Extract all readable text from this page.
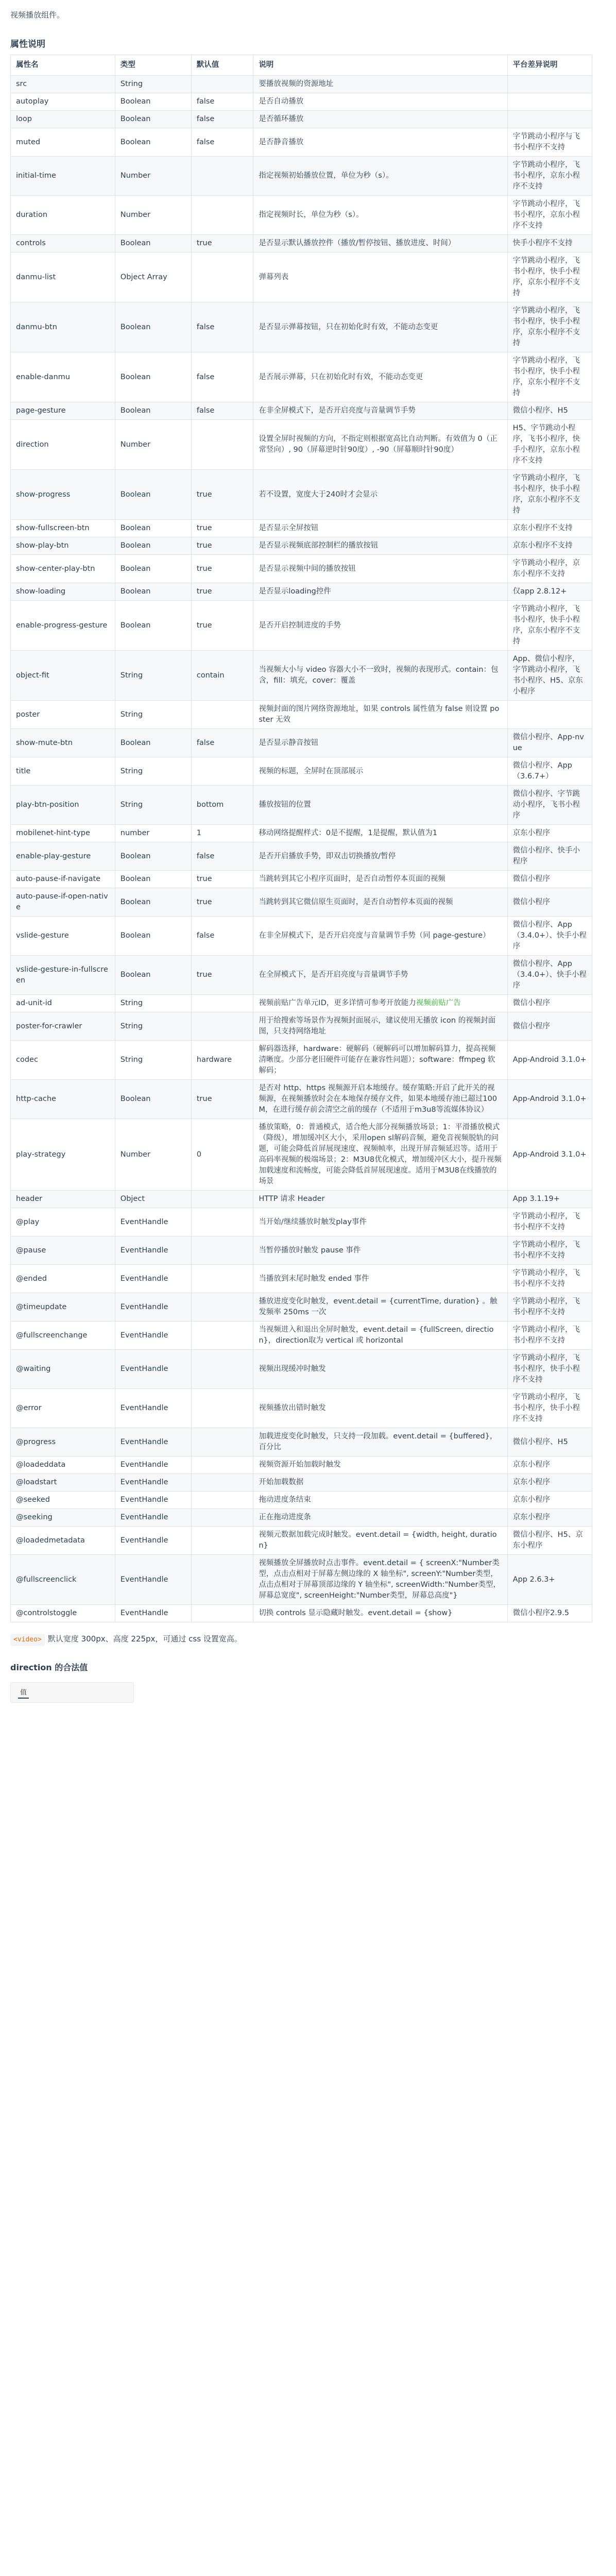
视频播放组件。

属性说明
属性名	类型	默认值	说明	平台差异说明
src	String		要播放视频的资源地址	
autoplay	Boolean	false	是否自动播放	
loop	Boolean	false	是否循环播放	
muted	Boolean	false	是否静音播放	字节跳动小程序与飞书小程序不支持
initial-time	Number		指定视频初始播放位置，单位为秒（s）。	字节跳动小程序，飞书小程序，京东小程序不支持
duration	Number		指定视频时长，单位为秒（s）。	字节跳动小程序，飞书小程序，京东小程序不支持
controls	Boolean	true	是否显示默认播放控件（播放/暂停按钮、播放进度、时间）	快手小程序不支持
danmu-list	Object Array		弹幕列表	字节跳动小程序，飞书小程序，快手小程序，京东小程序不支持
danmu-btn	Boolean	false	是否显示弹幕按钮，只在初始化时有效，不能动态变更	字节跳动小程序，飞书小程序，快手小程序，京东小程序不支持
enable-danmu	Boolean	false	是否展示弹幕，只在初始化时有效，不能动态变更	字节跳动小程序，飞书小程序，快手小程序，京东小程序不支持
page-gesture	Boolean	false	在非全屏模式下，是否开启亮度与音量调节手势	微信小程序、H5
direction	Number		设置全屏时视频的方向，不指定则根据宽高比自动判断。有效值为 0（正常竖向）, 90（屏幕逆时针90度）, -90（屏幕顺时针90度）	H5、字节跳动小程序，飞书小程序，快手小程序，京东小程序不支持
show-progress	Boolean	true	若不设置，宽度大于240时才会显示	字节跳动小程序，飞书小程序，快手小程序，京东小程序不支持
show-fullscreen-btn	Boolean	true	是否显示全屏按钮	京东小程序不支持
show-play-btn	Boolean	true	是否显示视频底部控制栏的播放按钮	京东小程序不支持
show-center-play-btn	Boolean	true	是否显示视频中间的播放按钮	字节跳动小程序，京东小程序不支持
show-loading	Boolean	true	是否显示loading控件	仅app 2.8.12+
enable-progress-gesture	Boolean	true	是否开启控制进度的手势	字节跳动小程序，飞书小程序，快手小程序，京东小程序不支持
object-fit	String	contain	当视频大小与 video 容器大小不一致时，视频的表现形式。contain：包含，fill：填充，cover：覆盖	App、微信小程序，字节跳动小程序，飞书小程序、H5、京东小程序
poster	String		视频封面的图片网络资源地址，如果 controls 属性值为 false 则设置 poster 无效	
show-mute-btn	Boolean	false	是否显示静音按钮	微信小程序、App-nvue
title	String		视频的标题，全屏时在顶部展示	微信小程序、App（3.6.7+）
play-btn-position	String	bottom	播放按钮的位置	微信小程序、字节跳动小程序，飞书小程序
mobilenet-hint-type	number	1	移动网络提醒样式：0是不提醒，1是提醒，默认值为1	京东小程序
enable-play-gesture	Boolean	false	是否开启播放手势，即双击切换播放/暂停	微信小程序、快手小程序
auto-pause-if-navigate	Boolean	true	当跳转到其它小程序页面时，是否自动暂停本页面的视频	微信小程序
auto-pause-if-open-native	Boolean	true	当跳转到其它微信原生页面时，是否自动暂停本页面的视频	微信小程序
vslide-gesture	Boolean	false	在非全屏模式下，是否开启亮度与音量调节手势（同 page-gesture）	微信小程序、App（3.4.0+）、快手小程序
vslide-gesture-in-fullscreen	Boolean	true	在全屏模式下，是否开启亮度与音量调节手势	微信小程序、App（3.4.0+）、快手小程序
ad-unit-id	String		视频前贴广告单元ID，更多详情可参考开放能力视频前贴广告	微信小程序
poster-for-crawler	String		用于给搜索等场景作为视频封面展示，建议使用无播放 icon 的视频封面图，只支持网络地址	微信小程序
codec	String	hardware	解码器选择，hardware：硬解码（硬解码可以增加解码算力，提高视频清晰度。少部分老旧硬件可能存在兼容性问题）；software：ffmpeg 软解码；	App-Android 3.1.0+
http-cache	Boolean	true	是否对 http、https 视频源开启本地缓存。缓存策略:开启了此开关的视频源，在视频播放时会在本地保存缓存文件，如果本地缓存池已超过100M，在进行缓存前会清空之前的缓存（不适用于m3u8等流媒体协议）	App-Android 3.1.0+
play-strategy	Number	0	播放策略，0：普通模式，适合绝大部分视频播放场景；1：平滑播放模式（降级），增加缓冲区大小，采用open sl解码音频，避免音视频脱轨的问题，可能会降低首屏展现速度、视频帧率，出现开屏音频延迟等。适用于高码率视频的极端场景；2：M3U8优化模式，增加缓冲区大小，提升视频加载速度和流畅度，可能会降低首屏展现速度。适用于M3U8在线播放的场景	App-Android 3.1.0+
header	Object		HTTP 请求 Header	App 3.1.19+
@play	EventHandle		当开始/继续播放时触发play事件	字节跳动小程序，飞书小程序不支持
@pause	EventHandle		当暂停播放时触发 pause 事件	字节跳动小程序，飞书小程序不支持
@ended	EventHandle		当播放到末尾时触发 ended 事件	字节跳动小程序，飞书小程序不支持
@timeupdate	EventHandle		播放进度变化时触发，event.detail = {currentTime, duration} 。触发频率 250ms 一次	字节跳动小程序，飞书小程序不支持
@fullscreenchange	EventHandle		当视频进入和退出全屏时触发，event.detail = {fullScreen, direction}，direction取为 vertical 或 horizontal	字节跳动小程序，飞书小程序不支持
@waiting	EventHandle		视频出现缓冲时触发	字节跳动小程序，飞书小程序，快手小程序不支持
@error	EventHandle		视频播放出错时触发	字节跳动小程序，飞书小程序，快手小程序不支持
@progress	EventHandle		加载进度变化时触发，只支持一段加载。event.detail = {buffered}，百分比	微信小程序、H5
@loadeddata	EventHandle		视频资源开始加载时触发	京东小程序
@loadstart	EventHandle		开始加载数据	京东小程序
@seeked	EventHandle		拖动进度条结束	京东小程序
@seeking	EventHandle		正在拖动进度条	京东小程序
@loadedmetadata	EventHandle		视频元数据加载完成时触发。event.detail = {width, height, duration}	微信小程序、H5、京东小程序
@fullscreenclick	EventHandle		视频播放全屏播放时点击事件。event.detail = { screenX:"Number类型，点击点相对于屏幕左侧边缘的 X 轴坐标", screenY:"Number类型，点击点相对于屏幕顶部边缘的 Y 轴坐标", screenWidth:"Number类型，屏幕总宽度", screenHeight:"Number类型，屏幕总高度"}	App 2.6.3+
@controlstoggle	EventHandle		切换 controls 显示隐藏时触发。event.detail = {show}	微信小程序2.9.5
<video> 默认宽度 300px、高度 225px，可通过 css 设置宽高。
direction 的合法值
值
